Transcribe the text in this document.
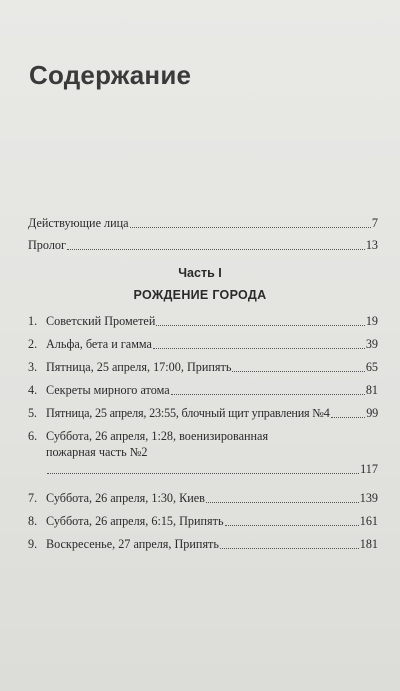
Содержание
Действующие лица	7
Пролог	13
Часть I
РОЖДЕНИЕ ГОРОДА
1. Советский Прометей	19
2. Альфа, бета и гамма	39
3. Пятница, 25 апреля, 17:00, Припять	65
4. Секреты мирного атома	81
5. Пятница, 25 апреля, 23:55, блочный щит управления №4	99
6. Суббота, 26 апреля, 1:28, военизированная
пожарная часть №2
117
7. Суббота, 26 апреля, 1:30, Киев	139
8. Суббота, 26 апреля, 6:15, Припять	161
9. Воскресенье, 27 апреля, Припять	181
